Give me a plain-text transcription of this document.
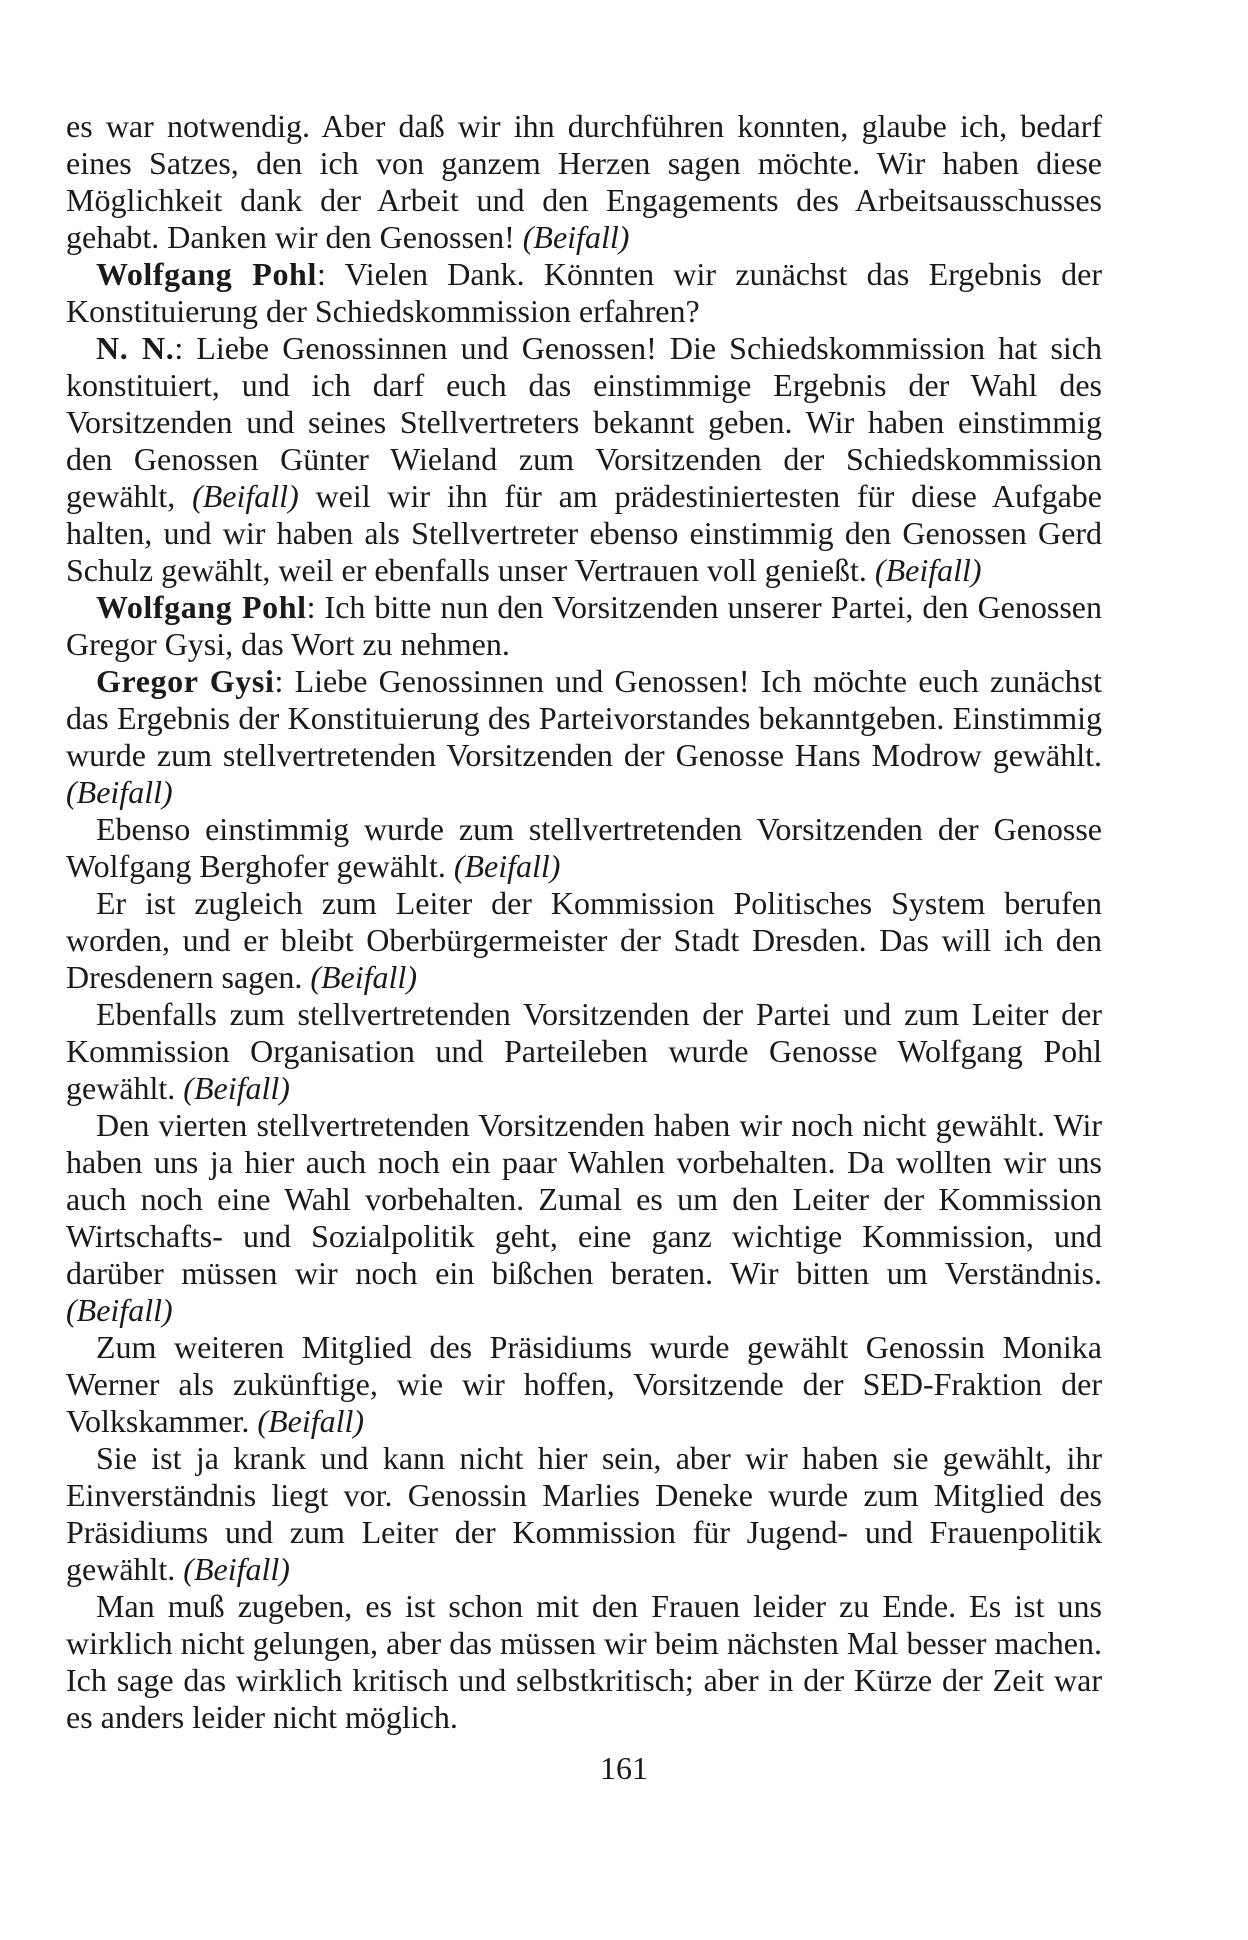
es war notwendig. Aber daß wir ihn durchführen konnten, glaube ich, bedarf eines Satzes, den ich von ganzem Herzen sagen möchte. Wir haben diese Möglichkeit dank der Arbeit und den Engagements des Arbeitsausschusses gehabt. Danken wir den Genossen! (Beifall)

Wolfgang Pohl: Vielen Dank. Könnten wir zunächst das Ergebnis der Konstituierung der Schiedskommission erfahren?

N. N.: Liebe Genossinnen und Genossen! Die Schiedskommission hat sich konstituiert, und ich darf euch das einstimmige Ergebnis der Wahl des Vorsitzenden und seines Stellvertreters bekannt geben. Wir haben einstimmig den Genossen Günter Wieland zum Vorsitzenden der Schiedskommission gewählt, (Beifall) weil wir ihn für am prädestiniertesten für diese Aufgabe halten, und wir haben als Stellvertreter ebenso einstimmig den Genossen Gerd Schulz gewählt, weil er ebenfalls unser Vertrauen voll genießt. (Beifall)

Wolfgang Pohl: Ich bitte nun den Vorsitzenden unserer Partei, den Genossen Gregor Gysi, das Wort zu nehmen.

Gregor Gysi: Liebe Genossinnen und Genossen! Ich möchte euch zunächst das Ergebnis der Konstituierung des Parteivorstandes bekanntgeben. Einstimmig wurde zum stellvertretenden Vorsitzenden der Genosse Hans Modrow gewählt. (Beifall)

Ebenso einstimmig wurde zum stellvertretenden Vorsitzenden der Genosse Wolfgang Berghofer gewählt. (Beifall)

Er ist zugleich zum Leiter der Kommission Politisches System berufen worden, und er bleibt Oberbürgermeister der Stadt Dresden. Das will ich den Dresdenern sagen. (Beifall)

Ebenfalls zum stellvertretenden Vorsitzenden der Partei und zum Leiter der Kommission Organisation und Parteileben wurde Genosse Wolfgang Pohl gewählt. (Beifall)

Den vierten stellvertretenden Vorsitzenden haben wir noch nicht gewählt. Wir haben uns ja hier auch noch ein paar Wahlen vorbehalten. Da wollten wir uns auch noch eine Wahl vorbehalten. Zumal es um den Leiter der Kommission Wirtschafts- und Sozialpolitik geht, eine ganz wichtige Kommission, und darüber müssen wir noch ein bißchen beraten. Wir bitten um Verständnis. (Beifall)

Zum weiteren Mitglied des Präsidiums wurde gewählt Genossin Monika Werner als zukünftige, wie wir hoffen, Vorsitzende der SED-Fraktion der Volkskammer. (Beifall)

Sie ist ja krank und kann nicht hier sein, aber wir haben sie gewählt, ihr Einverständnis liegt vor. Genossin Marlies Deneke wurde zum Mitglied des Präsidiums und zum Leiter der Kommission für Jugend- und Frauenpolitik gewählt. (Beifall)

Man muß zugeben, es ist schon mit den Frauen leider zu Ende. Es ist uns wirklich nicht gelungen, aber das müssen wir beim nächsten Mal besser machen. Ich sage das wirklich kritisch und selbstkritisch; aber in der Kürze der Zeit war es anders leider nicht möglich.

161
